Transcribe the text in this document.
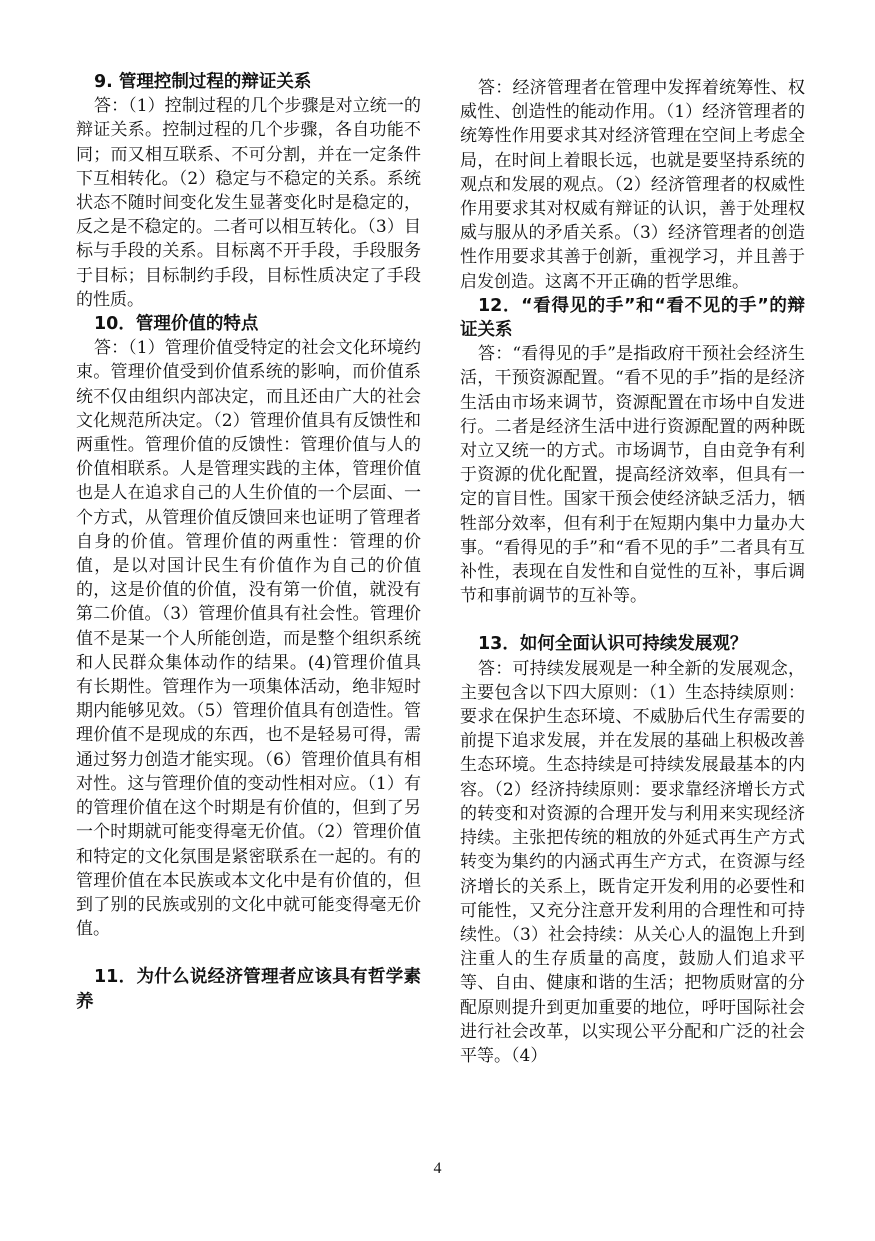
9. 管理控制过程的辩证关系

答：（1）控制过程的几个步骤是对立统一的辩证关系。控制过程的几个步骤，各自功能不同；而又相互联系、不可分割，并在一定条件下互相转化。（2）稳定与不稳定的关系。系统状态不随时间变化发生显著变化时是稳定的，反之是不稳定的。二者可以相互转化。（3）目标与手段的关系。目标离不开手段，手段服务于目标；目标制约手段，目标性质决定了手段的性质。

10．管理价值的特点

答：（1）管理价值受特定的社会文化环境约束。管理价值受到价值系统的影响，而价值系统不仅由组织内部决定，而且还由广大的社会文化规范所决定。（2）管理价值具有反馈性和两重性。管理价值的反馈性：管理价值与人的价值相联系。人是管理实践的主体，管理价值也是人在追求自己的人生价值的一个层面、一个方式，从管理价值反馈回来也证明了管理者自身的价值。管理价值的两重性：管理的价值，是以对国计民生有价值作为自己的价值的，这是价值的价值，没有第一价值，就没有第二价值。（3）管理价值具有社会性。管理价值不是某一个人所能创造，而是整个组织系统和人民群众集体动作的结果。(4)管理价值具有长期性。管理作为一项集体活动，绝非短时期内能够见效。（5）管理价值具有创造性。管理价值不是现成的东西，也不是轻易可得，需通过努力创造才能实现。（6）管理价值具有相对性。这与管理价值的变动性相对应。（1）有的管理价值在这个时期是有价值的，但到了另一个时期就可能变得毫无价值。（2）管理价值和特定的文化氛围是紧密联系在一起的。有的管理价值在本民族或本文化中是有价值的，但到了别的民族或别的文化中就可能变得毫无价值。

11．为什么说经济管理者应该具有哲学素养

答：经济管理者在管理中发挥着统筹性、权威性、创造性的能动作用。（1）经济管理者的统筹性作用要求其对经济管理在空间上考虑全局，在时间上着眼长远，也就是要坚持系统的观点和发展的观点。（2）经济管理者的权威性作用要求其对权威有辩证的认识，善于处理权威与服从的矛盾关系。（3）经济管理者的创造性作用要求其善于创新，重视学习，并且善于启发创造。这离不开正确的哲学思维。

12．“看得见的手”和“看不见的手”的辩证关系

答：“看得见的手”是指政府干预社会经济生活，干预资源配置。“看不见的手”指的是经济生活由市场来调节，资源配置在市场中自发进行。二者是经济生活中进行资源配置的两种既对立又统一的方式。市场调节，自由竞争有利于资源的优化配置，提高经济效率，但具有一定的盲目性。国家干预会使经济缺乏活力，牺牲部分效率，但有利于在短期内集中力量办大事。“看得见的手”和“看不见的手”二者具有互补性，表现在自发性和自觉性的互补，事后调节和事前调节的互补等。

13．如何全面认识可持续发展观？

答：可持续发展观是一种全新的发展观念，主要包含以下四大原则：（1）生态持续原则：要求在保护生态环境、不威胁后代生存需要的前提下追求发展，并在发展的基础上积极改善生态环境。生态持续是可持续发展最基本的内容。（2）经济持续原则：要求靠经济增长方式的转变和对资源的合理开发与利用来实现经济持续。主张把传统的粗放的外延式再生产方式转变为集约的内涵式再生产方式，在资源与经济增长的关系上，既肯定开发利用的必要性和可能性，又充分注意开发利用的合理性和可持续性。（3）社会持续：从关心人的温饱上升到注重人的生存质量的高度，鼓励人们追求平等、自由、健康和谐的生活；把物质财富的分配原则提升到更加重要的地位，呼吁国际社会进行社会改革，以实现公平分配和广泛的社会平等。（4）

4
